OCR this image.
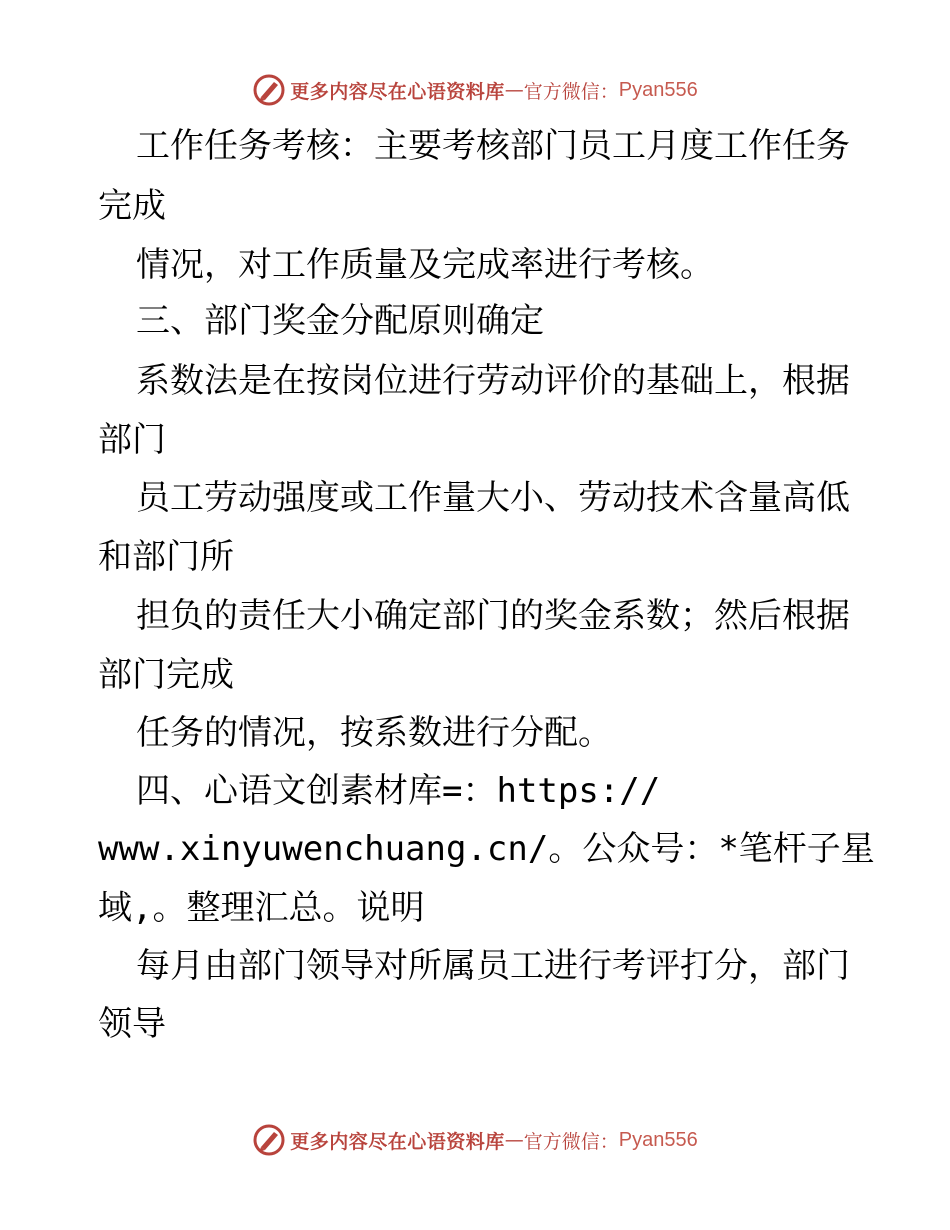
更多内容尽在心语资料库 — 官方微信： Pyan556
工作任务考核：主要考核部门员工月度工作任务
完成
情况，对工作质量及完成率进行考核。
三、部门奖金分配原则确定
系数法是在按岗位进行劳动评价的基础上，根据
部门
员工劳动强度或工作量大小、劳动技术含量高低
和部门所
担负的责任大小确定部门的奖金系数；然后根据
部门完成
任务的情况，按系数进行分配。
四、心语文创素材库=：https://
www.xinyuwenchuang.cn/。公众号：*笔杆子星
域,。整理汇总。说明
每月由部门领导对所属员工进行考评打分，部门
领导
更多内容尽在心语资料库 — 官方微信： Pyan556
